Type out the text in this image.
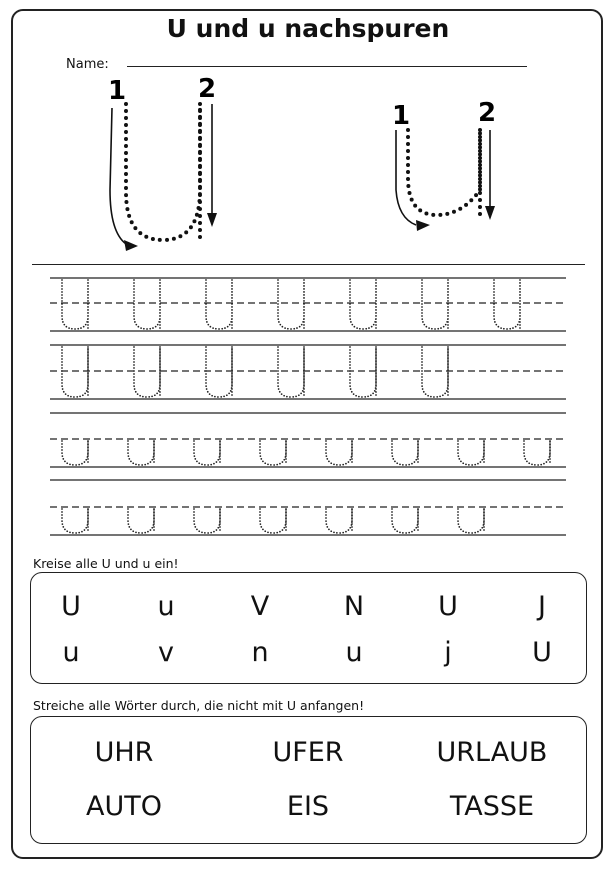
U und u nachspuren
Name:
1	2
1	2
Kreise alle U und u ein!
U	u	V	N	U	J
u	v	n	u	j	U
Streiche alle Wörter durch, die nicht mit U anfangen!
UHR	UFER	URLAUB
AUTO	EIS	TASSE
